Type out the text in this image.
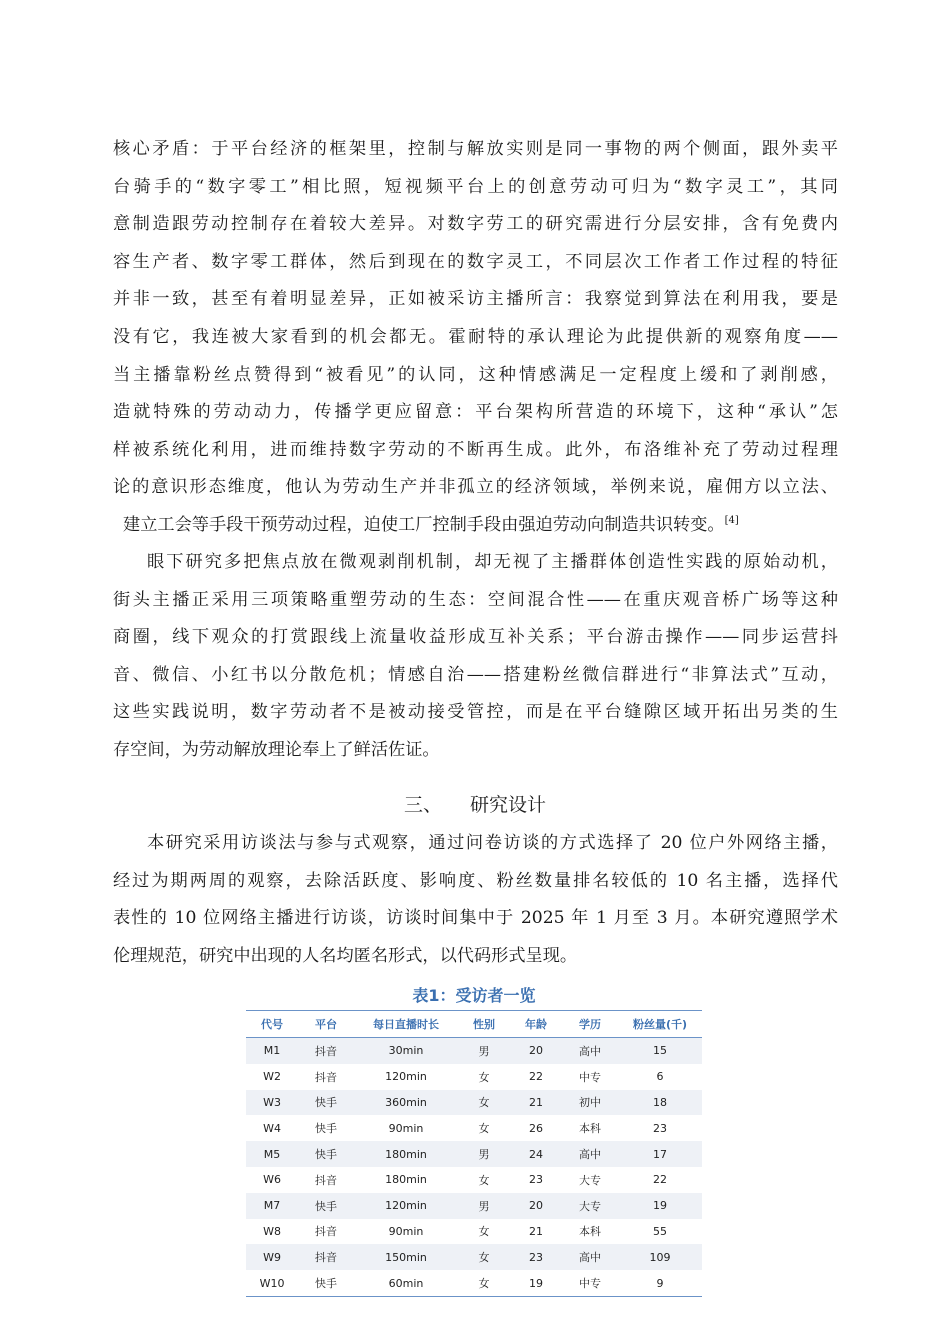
核心矛盾：于平台经济的框架里，控制与解放实则是同一事物的两个侧面，跟外卖平
台骑手的“数字零工”相比照，短视频平台上的创意劳动可归为“数字灵工”，其同
意制造跟劳动控制存在着较大差异。对数字劳工的研究需进行分层安排，含有免费内
容生产者、数字零工群体，然后到现在的数字灵工，不同层次工作者工作过程的特征
并非一致，甚至有着明显差异，正如被采访主播所言：我察觉到算法在利用我，要是
没有它，我连被大家看到的机会都无。霍耐特的承认理论为此提供新的观察角度——
当主播靠粉丝点赞得到“被看见”的认同，这种情感满足一定程度上缓和了剥削感，
造就特殊的劳动动力，传播学更应留意：平台架构所营造的环境下，这种“承认”怎
样被系统化利用，进而维持数字劳动的不断再生成。此外，布洛维补充了劳动过程理
论的意识形态维度，他认为劳动生产并非孤立的经济领域，举例来说，雇佣方以立法、
建立工会等手段干预劳动过程，迫使工厂控制手段由强迫劳动向制造共识转变。[4]
眼下研究多把焦点放在微观剥削机制，却无视了主播群体创造性实践的原始动机，
街头主播正采用三项策略重塑劳动的生态：空间混合性——在重庆观音桥广场等这种
商圈，线下观众的打赏跟线上流量收益形成互补关系；平台游击操作——同步运营抖
音、微信、小红书以分散危机；情感自治——搭建粉丝微信群进行“非算法式”互动，
这些实践说明，数字劳动者不是被动接受管控，而是在平台缝隙区域开拓出另类的生
存空间，为劳动解放理论奉上了鲜活佐证。
三、 研究设计
本研究采用访谈法与参与式观察，通过问卷访谈的方式选择了 20 位户外网络主播，
经过为期两周的观察，去除活跃度、影响度、粉丝数量排名较低的 10 名主播，选择代
表性的 10 位网络主播进行访谈，访谈时间集中于 2025 年 1 月至 3 月。本研究遵照学术
伦理规范，研究中出现的人名均匿名形式，以代码形式呈现。
表1：受访者一览
代号	平台	每日直播时长	性别	年龄	学历	粉丝量(千)
M1	抖音	30min	男	20	高中	15
W2	抖音	120min	女	22	中专	6
W3	快手	360min	女	21	初中	18
W4	快手	90min	女	26	本科	23
M5	快手	180min	男	24	高中	17
W6	抖音	180min	女	23	大专	22
M7	快手	120min	男	20	大专	19
W8	抖音	90min	女	21	本科	55
W9	抖音	150min	女	23	高中	109
W10	快手	60min	女	19	中专	9
